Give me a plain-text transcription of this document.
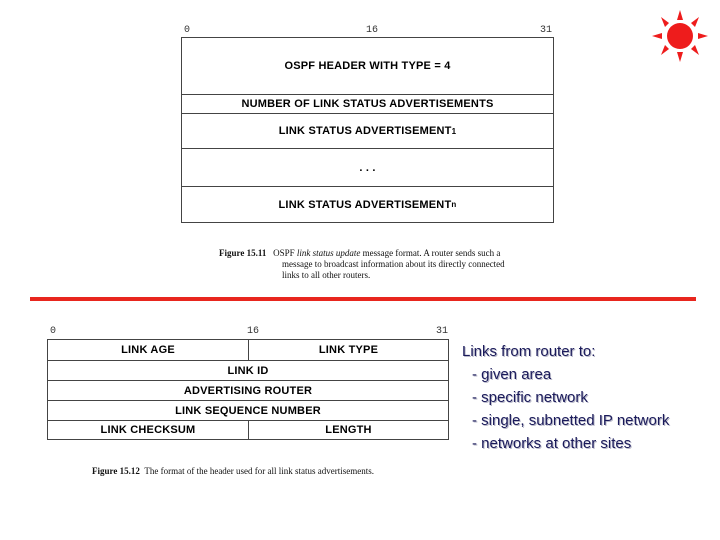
0	16	31
OSPF HEADER WITH TYPE = 4
NUMBER OF LINK STATUS ADVERTISEMENTS
LINK STATUS ADVERTISEMENT 1
. . .
LINK STATUS ADVERTISEMENT n
Figure 15.11 OSPF link status update message format. A router sends such a
message to broadcast information about its directly connected
links to all other routers.
0	16	31
LINK AGE	LINK TYPE
LINK ID
ADVERTISING ROUTER
LINK SEQUENCE NUMBER
LINK CHECKSUM	LENGTH
Figure 15.12 The format of the header used for all link status advertisements.
Links from router to:
- given area
- specific network
- single, subnetted IP network
- networks at other sites
